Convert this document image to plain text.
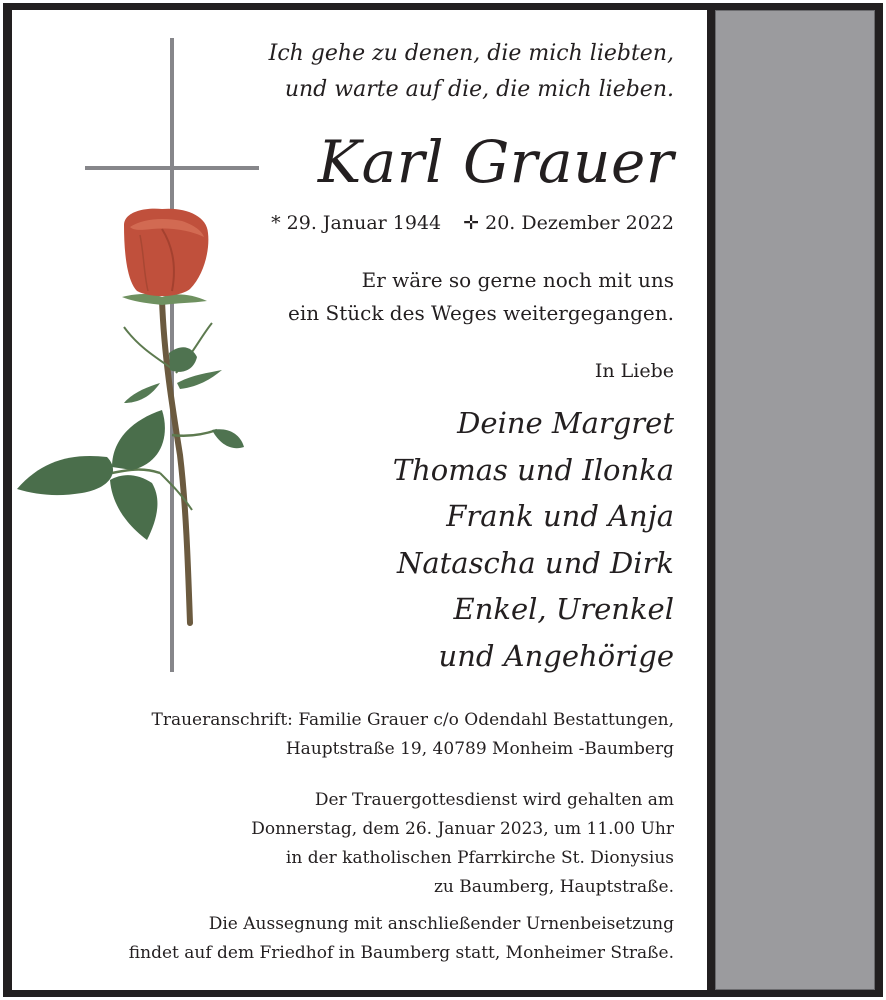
Ich gehe zu denen, die mich liebten,
und warte auf die, die mich lieben.
Karl Grauer
* 29. Januar 1944 ✛ 20. Dezember 2022
Er wäre so gerne noch mit uns
ein Stück des Weges weitergegangen.
In Liebe
Deine Margret
Thomas und Ilonka
Frank und Anja
Natascha und Dirk
Enkel, Urenkel
und Angehörige
Traueranschrift: Familie Grauer c/o Odendahl Bestattungen,
Hauptstraße 19, 40789 Monheim -Baumberg
Der Trauergottesdienst wird gehalten am
Donnerstag, dem 26. Januar 2023, um 11.00 Uhr
in der katholischen Pfarrkirche St. Dionysius
zu Baumberg, Hauptstraße.
Die Aussegnung mit anschließender Urnenbeisetzung
findet auf dem Friedhof in Baumberg statt, Monheimer Straße.
